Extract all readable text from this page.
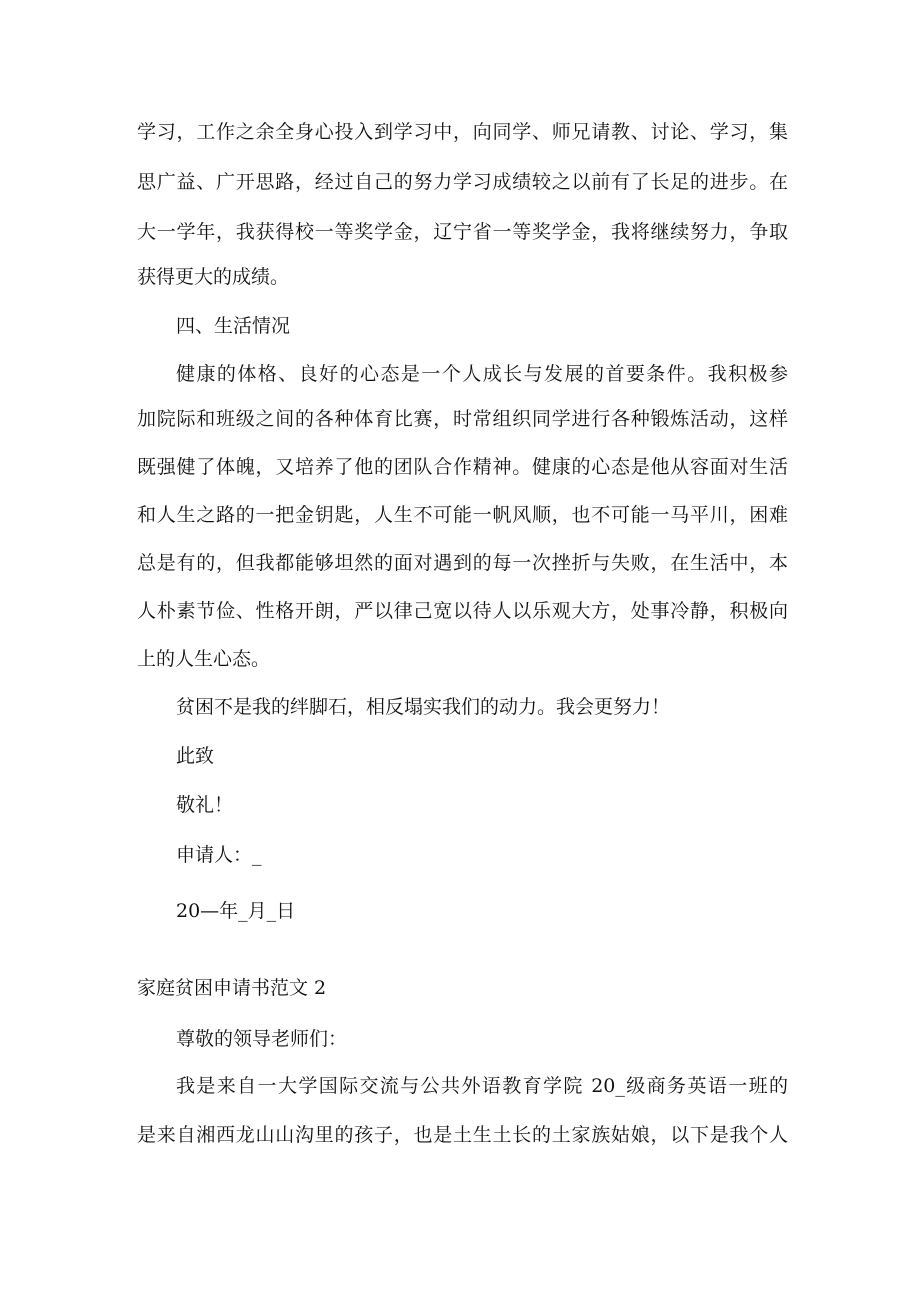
学习，工作之余全身心投入到学习中，向同学、师兄请教、讨论、学习，集
思广益、广开思路，经过自己的努力学习成绩较之以前有了长足的进步。在
大一学年，我获得校一等奖学金，辽宁省一等奖学金，我将继续努力，争取
获得更大的成绩。
四、生活情况
健康的体格、良好的心态是一个人成长与发展的首要条件。我积极参
加院际和班级之间的各种体育比赛，时常组织同学进行各种锻炼活动，这样
既强健了体魄，又培养了他的团队合作精神。健康的心态是他从容面对生活
和人生之路的一把金钥匙，人生不可能一帆风顺，也不可能一马平川，困难
总是有的，但我都能够坦然的面对遇到的每一次挫折与失败，在生活中，本
人朴素节俭、性格开朗，严以律己宽以待人以乐观大方，处事冷静，积极向
上的人生心态。
贫困不是我的绊脚石，相反塌实我们的动力。我会更努力！
此致
敬礼！
申请人：_
20—年_月_日
家庭贫困申请书范文 2
尊敬的领导老师们：
我是来自一大学国际交流与公共外语教育学院 20_级商务英语一班的
是来自湘西龙山山沟里的孩子，也是土生土长的土家族姑娘，以下是我个人
